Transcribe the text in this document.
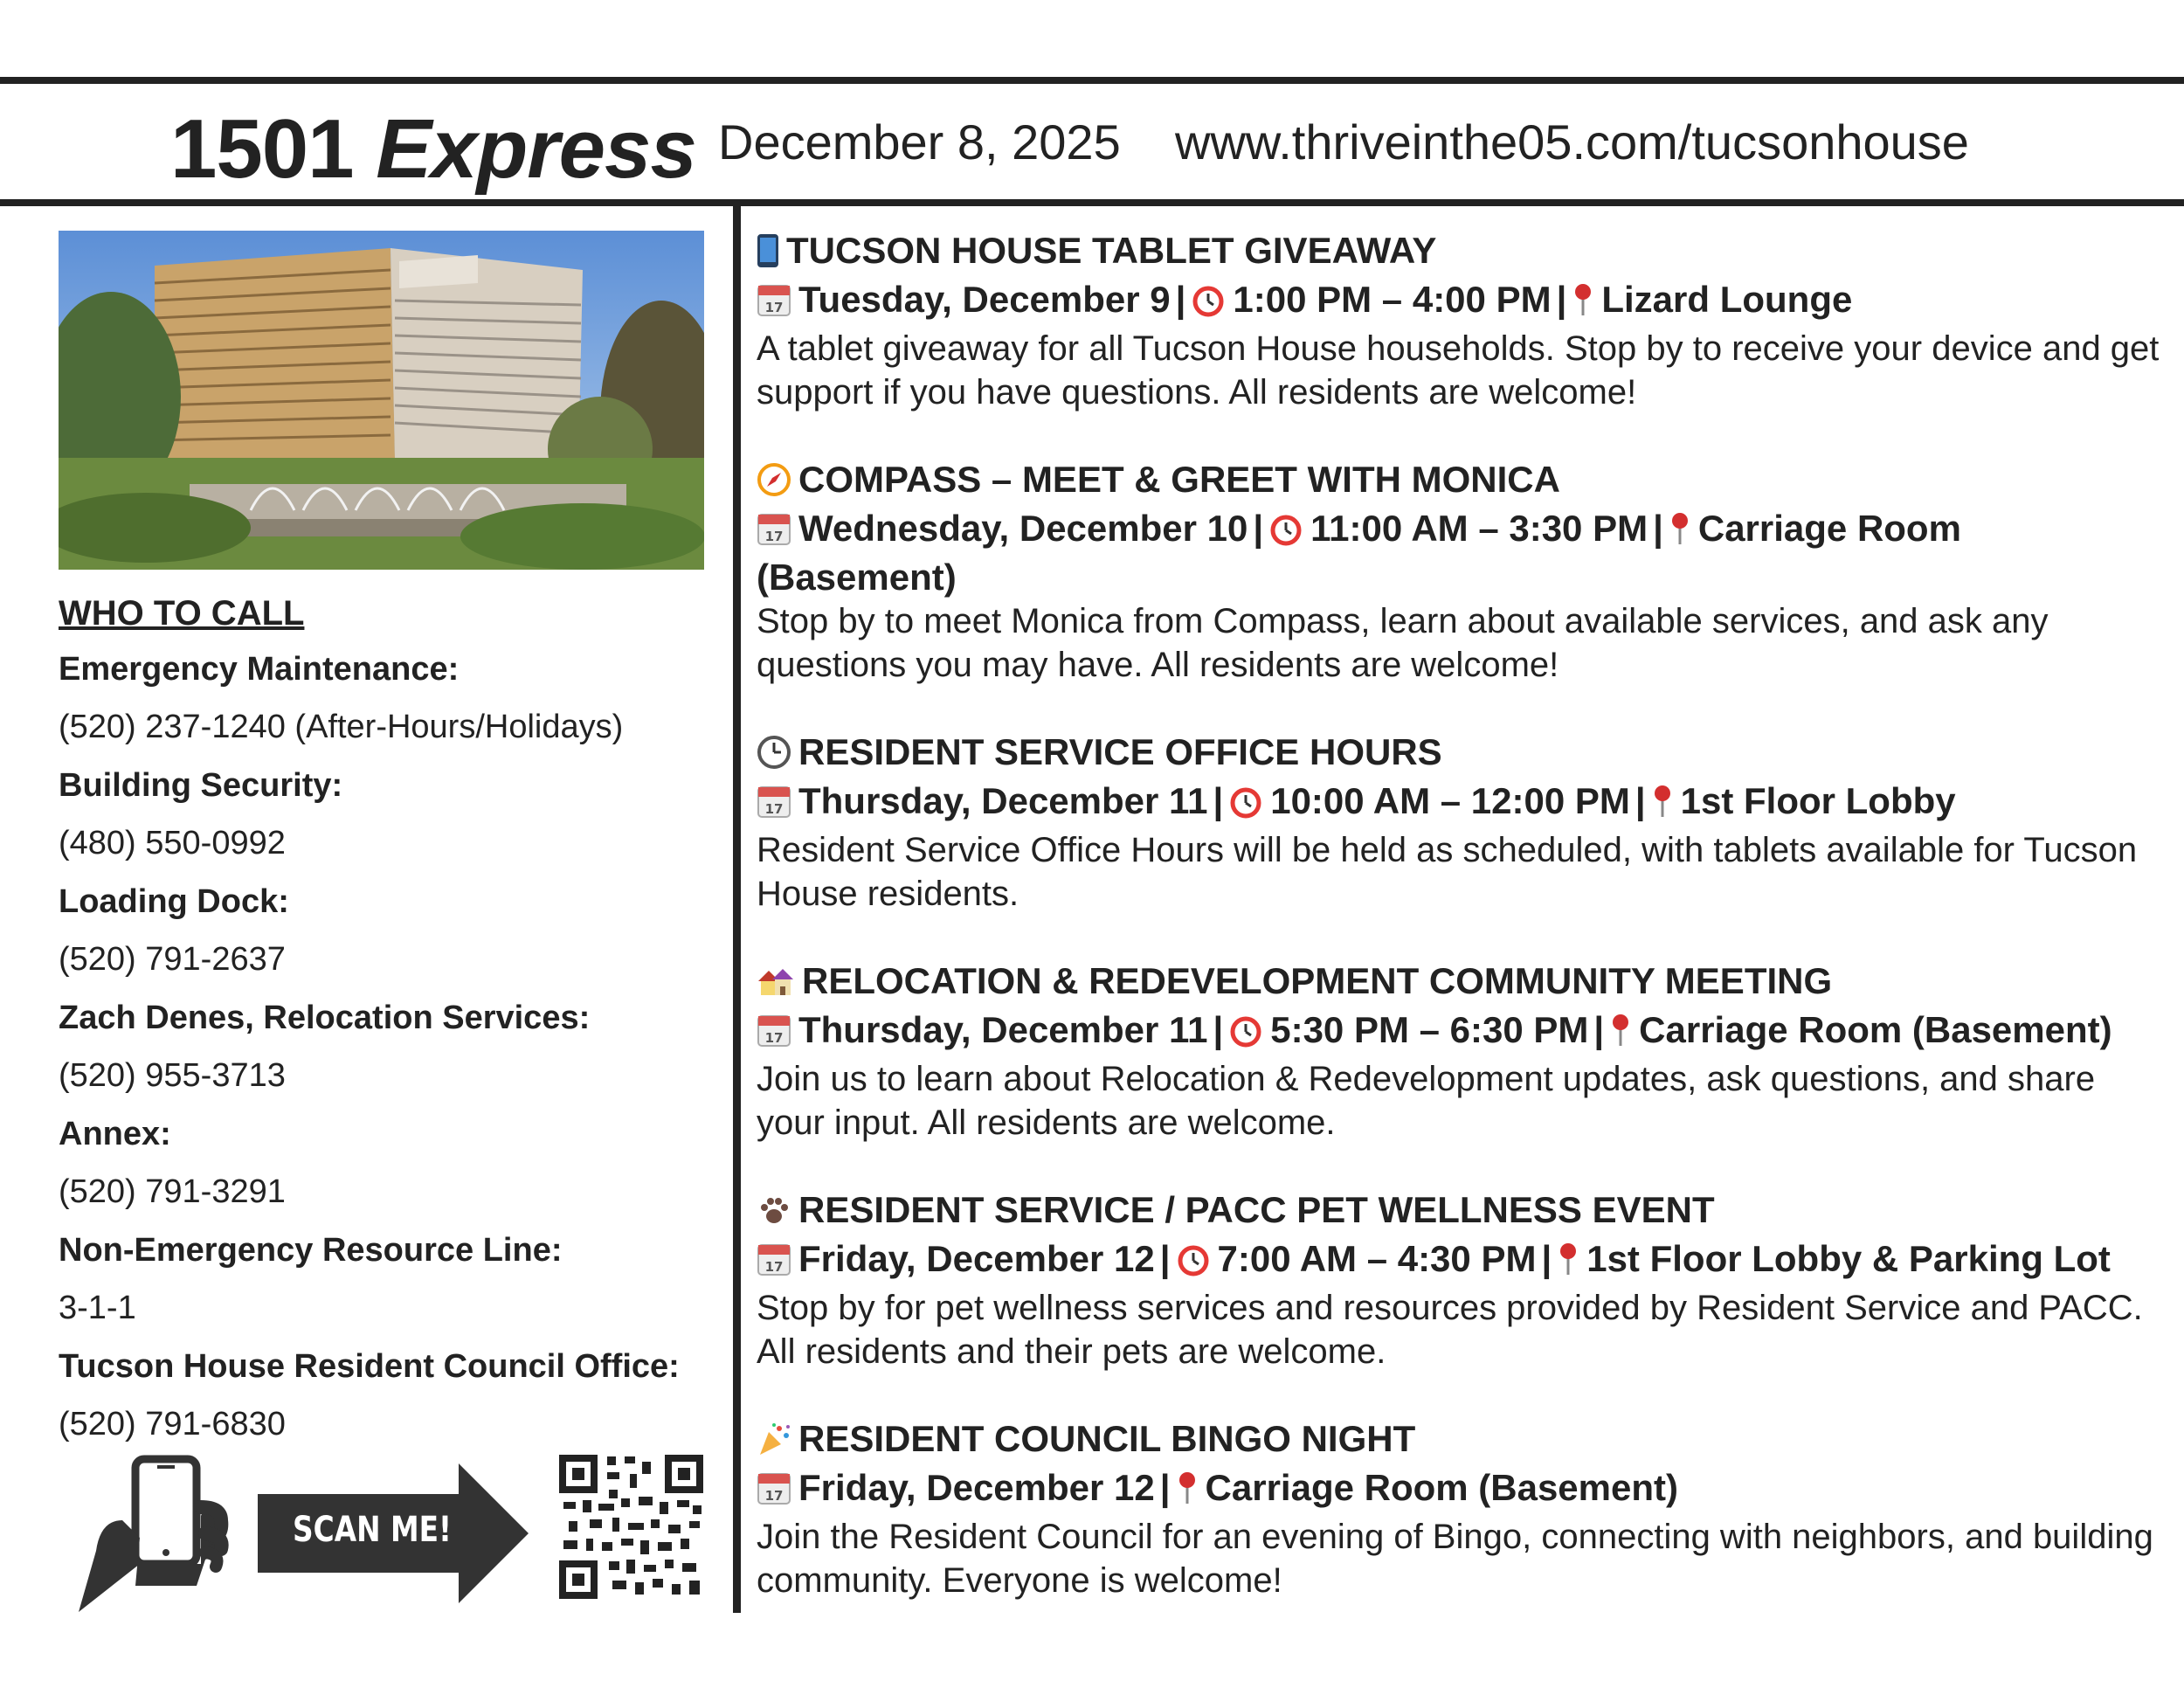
1501 Express December 8, 2025 www.thriveinthe05.com/tucsonhouse
WHO TO CALL
Emergency Maintenance:
(520) 237-1240 (After-Hours/Holidays)
Building Security:
(480) 550-0992
Loading Dock:
(520) 791-2637
Zach Denes, Relocation Services:
(520) 955-3713
Annex:
(520) 791-3291
Non-Emergency Resource Line:
3-1-1
Tucson House Resident Council Office:
(520) 791-6830
SCAN ME!
TUCSON HOUSE TABLET GIVEAWAY
17 Tuesday, December 9 | 1:00 PM – 4:00 PM | Lizard Lounge
A tablet giveaway for all Tucson House households. Stop by to receive your device and get support if you have questions. All residents are welcome!
COMPASS – MEET & GREET WITH MONICA
17 Wednesday, December 10 | 11:00 AM – 3:30 PM | Carriage Room (Basement)
Stop by to meet Monica from Compass, learn about available services, and ask any questions you may have. All residents are welcome!
RESIDENT SERVICE OFFICE HOURS
17 Thursday, December 11 | 10:00 AM – 12:00 PM | 1st Floor Lobby
Resident Service Office Hours will be held as scheduled, with tablets available for Tucson House residents.
RELOCATION & REDEVELOPMENT COMMUNITY MEETING
17 Thursday, December 11 | 5:30 PM – 6:30 PM | Carriage Room (Basement)
Join us to learn about Relocation & Redevelopment updates, ask questions, and share your input. All residents are welcome.
RESIDENT SERVICE / PACC PET WELLNESS EVENT
17 Friday, December 12 | 7:00 AM – 4:30 PM | 1st Floor Lobby & Parking Lot
Stop by for pet wellness services and resources provided by Resident Service and PACC. All residents and their pets are welcome.
RESIDENT COUNCIL BINGO NIGHT
17 Friday, December 12 | Carriage Room (Basement)
Join the Resident Council for an evening of Bingo, connecting with neighbors, and building community. Everyone is welcome!
